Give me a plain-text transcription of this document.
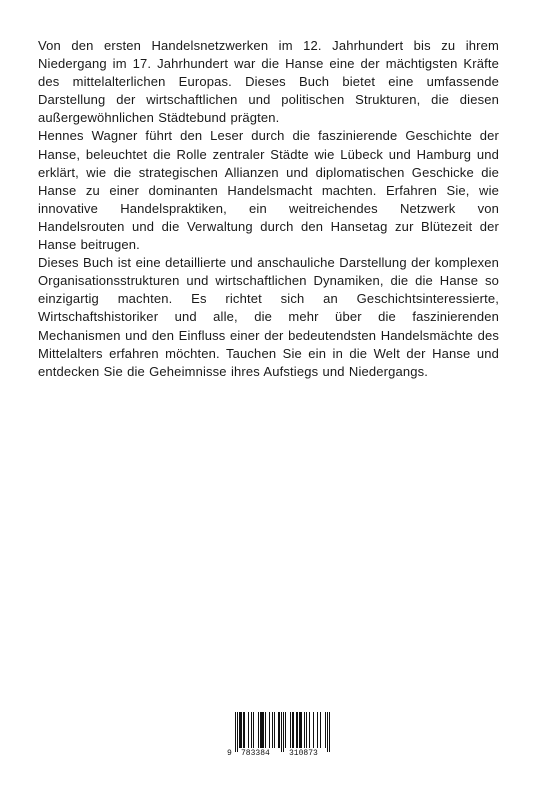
Von den ersten Handelsnetzwerken im 12. Jahrhundert bis zu ihrem Niedergang im 17. Jahrhundert war die Hanse eine der mächtigsten Kräfte des mittelalterlichen Europas. Dieses Buch bietet eine umfassende Darstellung der wirtschaftlichen und politischen Strukturen, die diesen außergewöhnlichen Städtebund prägten.

Hennes Wagner führt den Leser durch die faszinierende Geschichte der Hanse, beleuchtet die Rolle zentraler Städte wie Lübeck und Hamburg und erklärt, wie die strategischen Allianzen und diplomatischen Geschicke die Hanse zu einer dominanten Handelsmacht machten. Erfahren Sie, wie innovative Handelspraktiken, ein weitreichendes Netzwerk von Handelsrouten und die Verwaltung durch den Hansetag zur Blütezeit der Hanse beitrugen.

Dieses Buch ist eine detaillierte und anschauliche Darstellung der komplexen Organisationsstrukturen und wirtschaftlichen Dynamiken, die die Hanse so einzigartig machten. Es richtet sich an Geschichtsinteressierte, Wirtschaftshistoriker und alle, die mehr über die faszinierenden Mechanismen und den Einfluss einer der bedeutendsten Handelsmächte des Mittelalters erfahren möchten. Tauchen Sie ein in die Welt der Hanse und entdecken Sie die Geheimnisse ihres Aufstiegs und Niedergangs.

9 783384 310873
